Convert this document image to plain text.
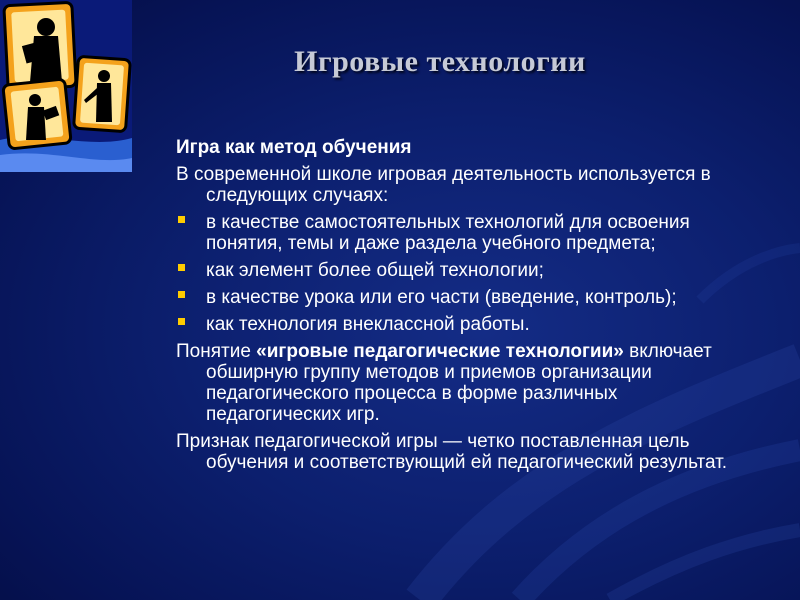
Игровые технологии
Игра как метод обучения
В современной школе игровая деятельность используется в следующих случаях:
в качестве самостоятельных технологий для освоения понятия, темы и даже раздела учебного предмета;
как элемент более общей технологии;
в качестве урока или его части (введение, контроль);
как технология внеклассной работы.
Понятие «игровые педагогические технологии» включает обширную группу методов и приемов организации педагогического процесса в форме различных педагогических игр.
Признак педагогической игры — четко поставленная цель обучения и соответствующий ей педагогический результат.
